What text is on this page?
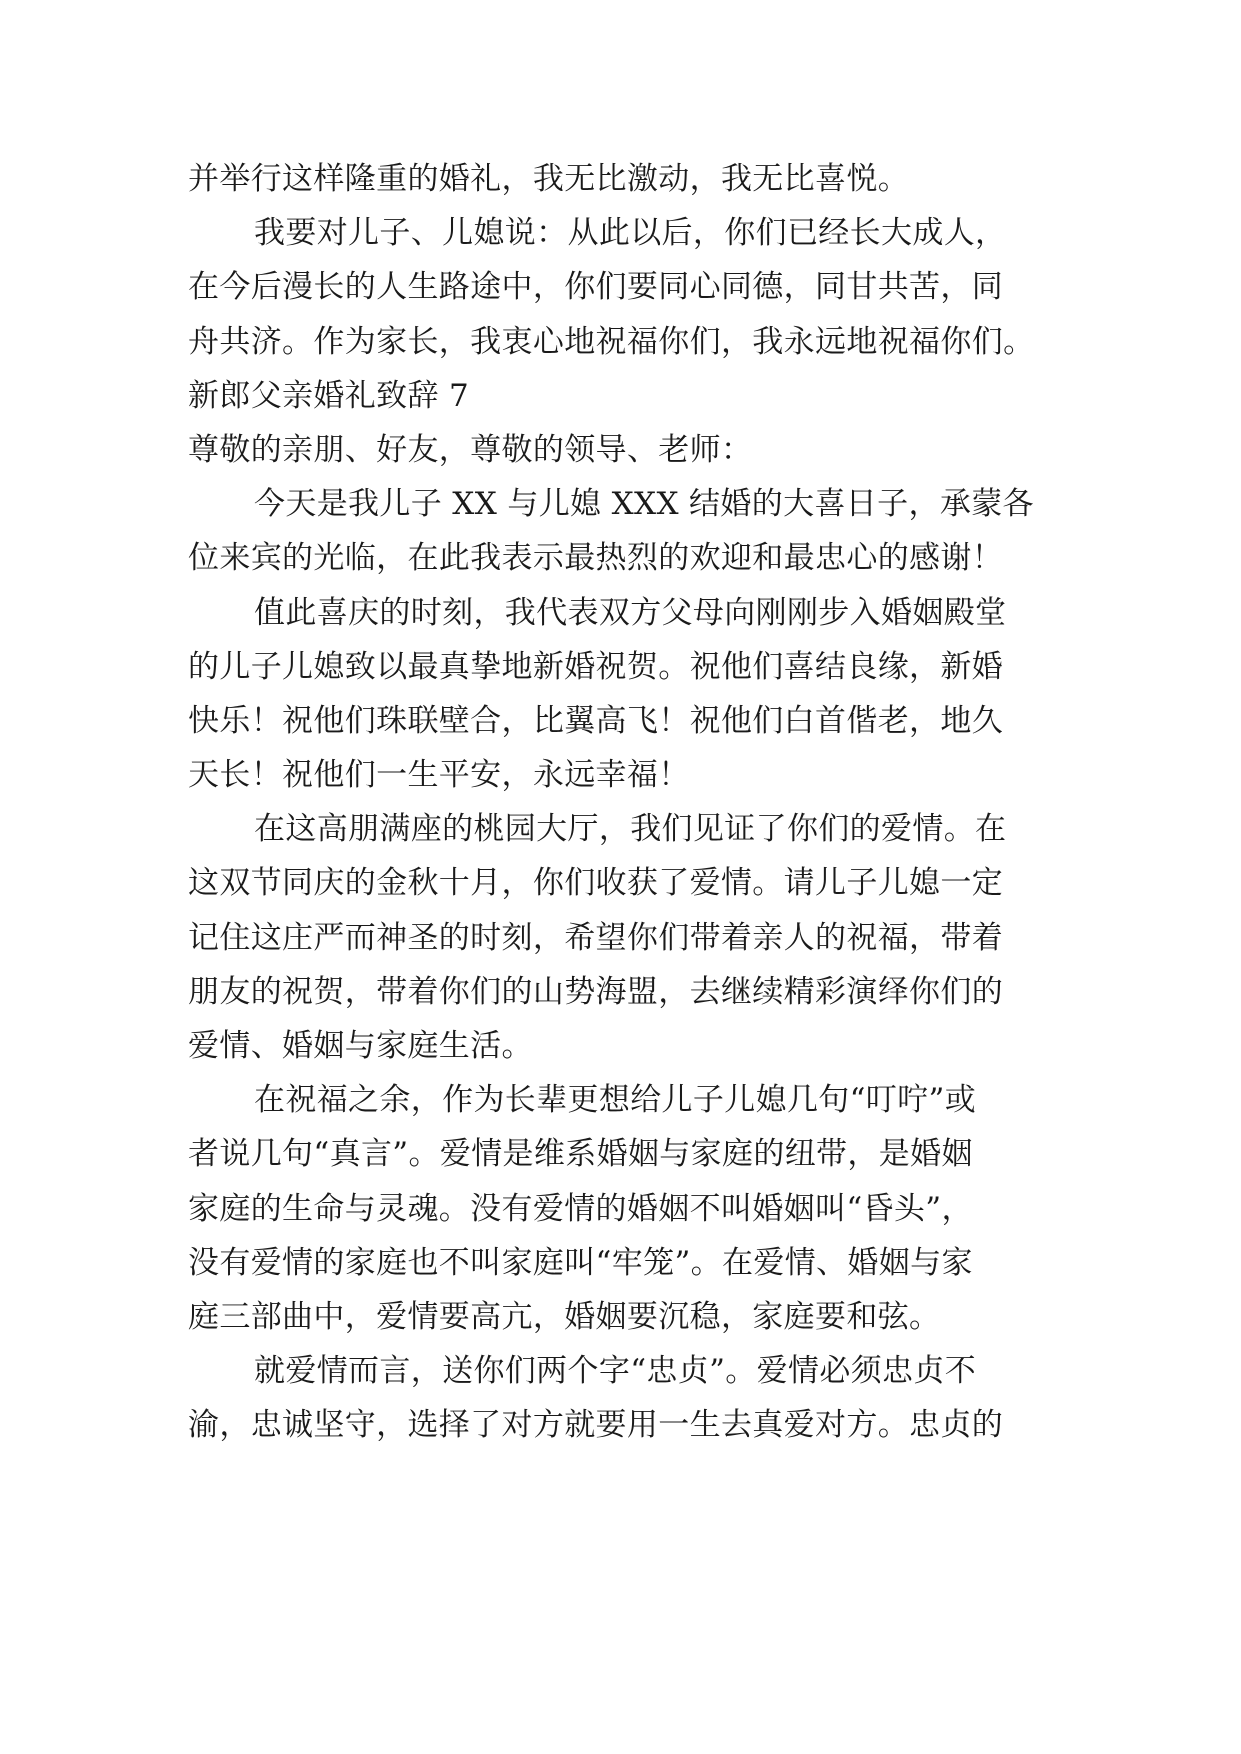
并举行这样隆重的婚礼，我无比激动，我无比喜悦。
我要对儿子、儿媳说：从此以后，你们已经长大成人，
在今后漫长的人生路途中，你们要同心同德，同甘共苦，同
舟共济。作为家长，我衷心地祝福你们，我永远地祝福你们。
新郎父亲婚礼致辞 7
尊敬的亲朋、好友，尊敬的领导、老师：
今天是我儿子 XX 与儿媳 XXX 结婚的大喜日子，承蒙各
位来宾的光临，在此我表示最热烈的欢迎和最忠心的感谢！
值此喜庆的时刻，我代表双方父母向刚刚步入婚姻殿堂
的儿子儿媳致以最真挚地新婚祝贺。祝他们喜结良缘，新婚
快乐！祝他们珠联壁合，比翼高飞！祝他们白首偕老，地久
天长！祝他们一生平安，永远幸福！
在这高朋满座的桃园大厅，我们见证了你们的爱情。在
这双节同庆的金秋十月，你们收获了爱情。请儿子儿媳一定
记住这庄严而神圣的时刻，希望你们带着亲人的祝福，带着
朋友的祝贺，带着你们的山势海盟，去继续精彩演绎你们的
爱情、婚姻与家庭生活。
在祝福之余，作为长辈更想给儿子儿媳几句“叮咛”或
者说几句“真言”。爱情是维系婚姻与家庭的纽带，是婚姻
家庭的生命与灵魂。没有爱情的婚姻不叫婚姻叫“昏头”，
没有爱情的家庭也不叫家庭叫“牢笼”。在爱情、婚姻与家
庭三部曲中，爱情要高亢，婚姻要沉稳，家庭要和弦。
就爱情而言，送你们两个字“忠贞”。爱情必须忠贞不
渝，忠诚坚守，选择了对方就要用一生去真爱对方。忠贞的
